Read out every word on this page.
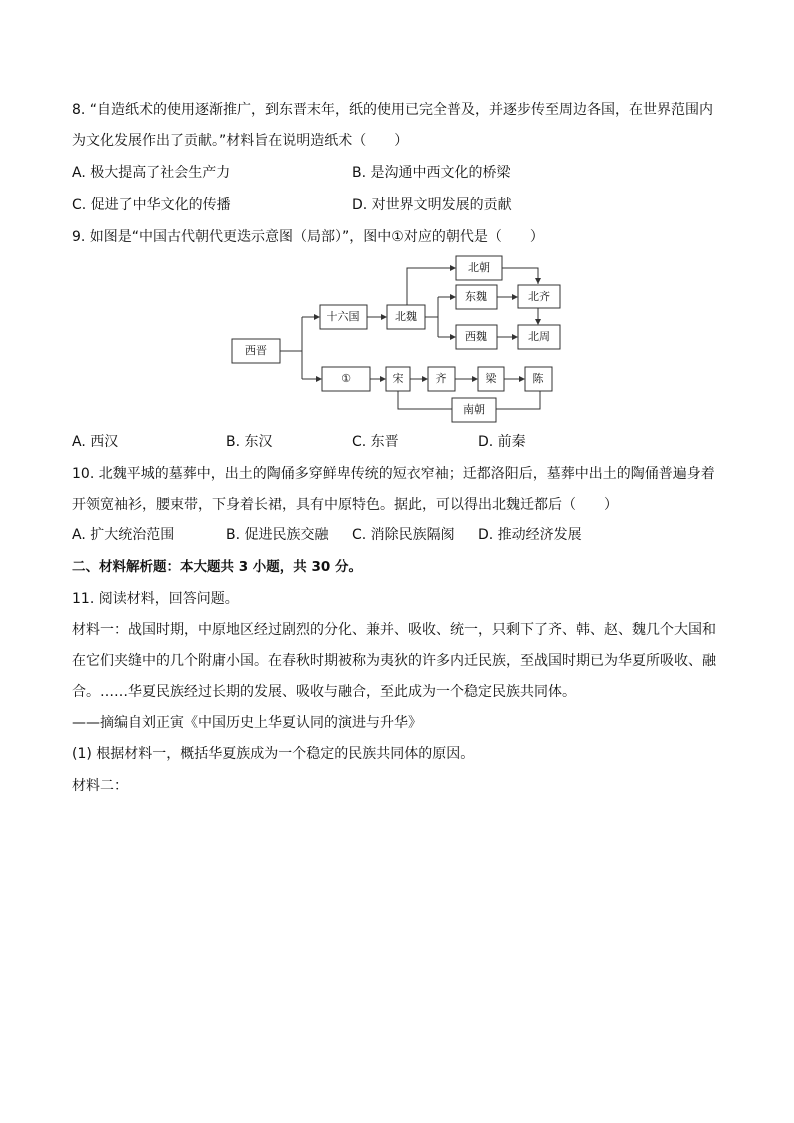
8. “自造纸术的使用逐渐推广，到东晋末年，纸的使用已完全普及，并逐步传至周边各国，在世界范围内
为文化发展作出了贡献。”材料旨在说明造纸术（　　）
A. 极大提高了社会生产力	B. 是沟通中西文化的桥梁
C. 促进了中华文化的传播	D. 对世界文明发展的贡献
9. 如图是“中国古代朝代更迭示意图（局部）”，图中①对应的朝代是（　　）
西晋
十六国	北魏
北朝
东魏	北齐
西魏	北周
①	宋	齐	梁	陈
南朝
A. 西汉	B. 东汉	C. 东晋	D. 前秦
10. 北魏平城的墓葬中，出土的陶俑多穿鲜卑传统的短衣窄袖；迁都洛阳后，墓葬中出土的陶俑普遍身着
开领宽袖衫，腰束带，下身着长裙，具有中原特色。据此，可以得出北魏迁都后（　　）
A. 扩大统治范围	B. 促进民族交融 C. 消除民族隔阂 D. 推动经济发展
二、材料解析题：本大题共 3 小题，共 30 分。
11. 阅读材料，回答问题。
材料一：战国时期，中原地区经过剧烈的分化、兼并、吸收、统一，只剩下了齐、韩、赵、魏几个大国和
在它们夹缝中的几个附庸小国。在春秋时期被称为夷狄的许多内迁民族，至战国时期已为华夏所吸收、融
合。……华夏民族经过长期的发展、吸收与融合，至此成为一个稳定民族共同体。
——摘编自刘正寅《中国历史上华夏认同的演进与升华》
(1) 根据材料一，概括华夏族成为一个稳定的民族共同体的原因。
材料二：
